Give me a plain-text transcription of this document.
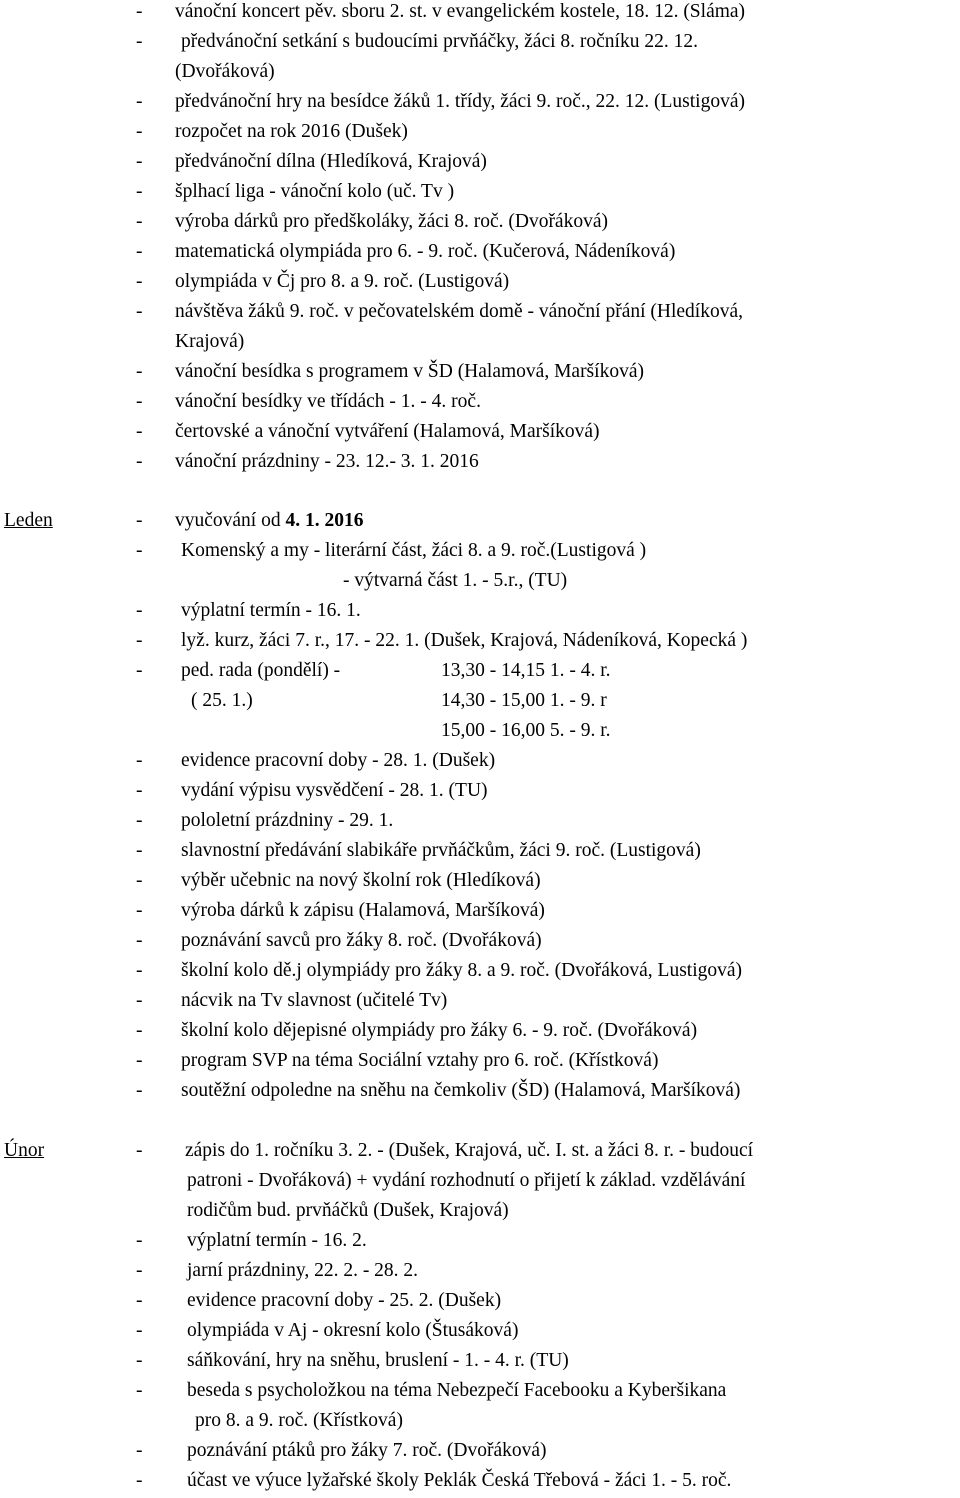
- vánoční koncert pěv. sboru 2. st. v evangelickém kostele, 18. 12. (Sláma)
- předvánoční setkání s budoucími prvňáčky, žáci 8. ročníku 22. 12.
(Dvořáková)
- předvánoční hry na besídce žáků 1. třídy, žáci 9. roč., 22. 12. (Lustigová)
- rozpočet na rok 2016 (Dušek)
- předvánoční dílna (Hledíková, Krajová)
- šplhací liga - vánoční kolo (uč. Tv )
- výroba dárků pro předškoláky, žáci 8. roč. (Dvořáková)
- matematická olympiáda pro 6. - 9. roč. (Kučerová, Nádeníková)
- olympiáda v Čj pro 8. a 9. roč. (Lustigová)
- návštěva žáků 9. roč. v pečovatelském domě - vánoční přání (Hledíková,
Krajová)
- vánoční besídka s programem v ŠD (Halamová, Maršíková)
- vánoční besídky ve třídách - 1. - 4. roč.
- čertovské a vánoční vytváření (Halamová, Maršíková)
- vánoční prázdniny - 23. 12.- 3. 1. 2016
Leden	- vyučování od 4. 1. 2016
- Komenský a my - literární část, žáci 8. a 9. roč.(Lustigová )
- výtvarná část 1. - 5.r., (TU)
- výplatní termín - 16. 1.
- lyž. kurz, žáci 7. r., 17. - 22. 1. (Dušek, Krajová, Nádeníková, Kopecká )
- ped. rada (pondělí) -	13,30 - 14,15 1. - 4. r.
( 25. 1.)	14,30 - 15,00 1. - 9. r
15,00 - 16,00 5. - 9. r.
- evidence pracovní doby - 28. 1. (Dušek)
- vydání výpisu vysvědčení - 28. 1. (TU)
- pololetní prázdniny - 29. 1.
- slavnostní předávání slabikáře prvňáčkům, žáci 9. roč. (Lustigová)
- výběr učebnic na nový školní rok (Hledíková)
- výroba dárků k zápisu (Halamová, Maršíková)
- poznávání savců pro žáky 8. roč. (Dvořáková)
- školní kolo dě.j olympiády pro žáky 8. a 9. roč. (Dvořáková, Lustigová)
- nácvik na Tv slavnost (učitelé Tv)
- školní kolo dějepisné olympiády pro žáky 6. - 9. roč. (Dvořáková)
- program SVP na téma Sociální vztahy pro 6. roč. (Křístková)
- soutěžní odpoledne na sněhu na čemkoliv (ŠD) (Halamová, Maršíková)
Únor	- zápis do 1. ročníku 3. 2. - (Dušek, Krajová, uč. I. st. a žáci 8. r. - budoucí
patroni - Dvořáková) + vydání rozhodnutí o přijetí k základ. vzdělávání
rodičům bud. prvňáčků (Dušek, Krajová)
- výplatní termín - 16. 2.
- jarní prázdniny, 22. 2. - 28. 2.
- evidence pracovní doby - 25. 2. (Dušek)
- olympiáda v Aj - okresní kolo (Štusáková)
- sáňkování, hry na sněhu, bruslení - 1. - 4. r. (TU)
- beseda s psycholožkou na téma Nebezpečí Facebooku a Kyberšikana
pro 8. a 9. roč. (Křístková)
- poznávání ptáků pro žáky 7. roč. (Dvořáková)
- účast ve výuce lyžařské školy Peklák Česká Třebová - žáci 1. - 5. roč.
